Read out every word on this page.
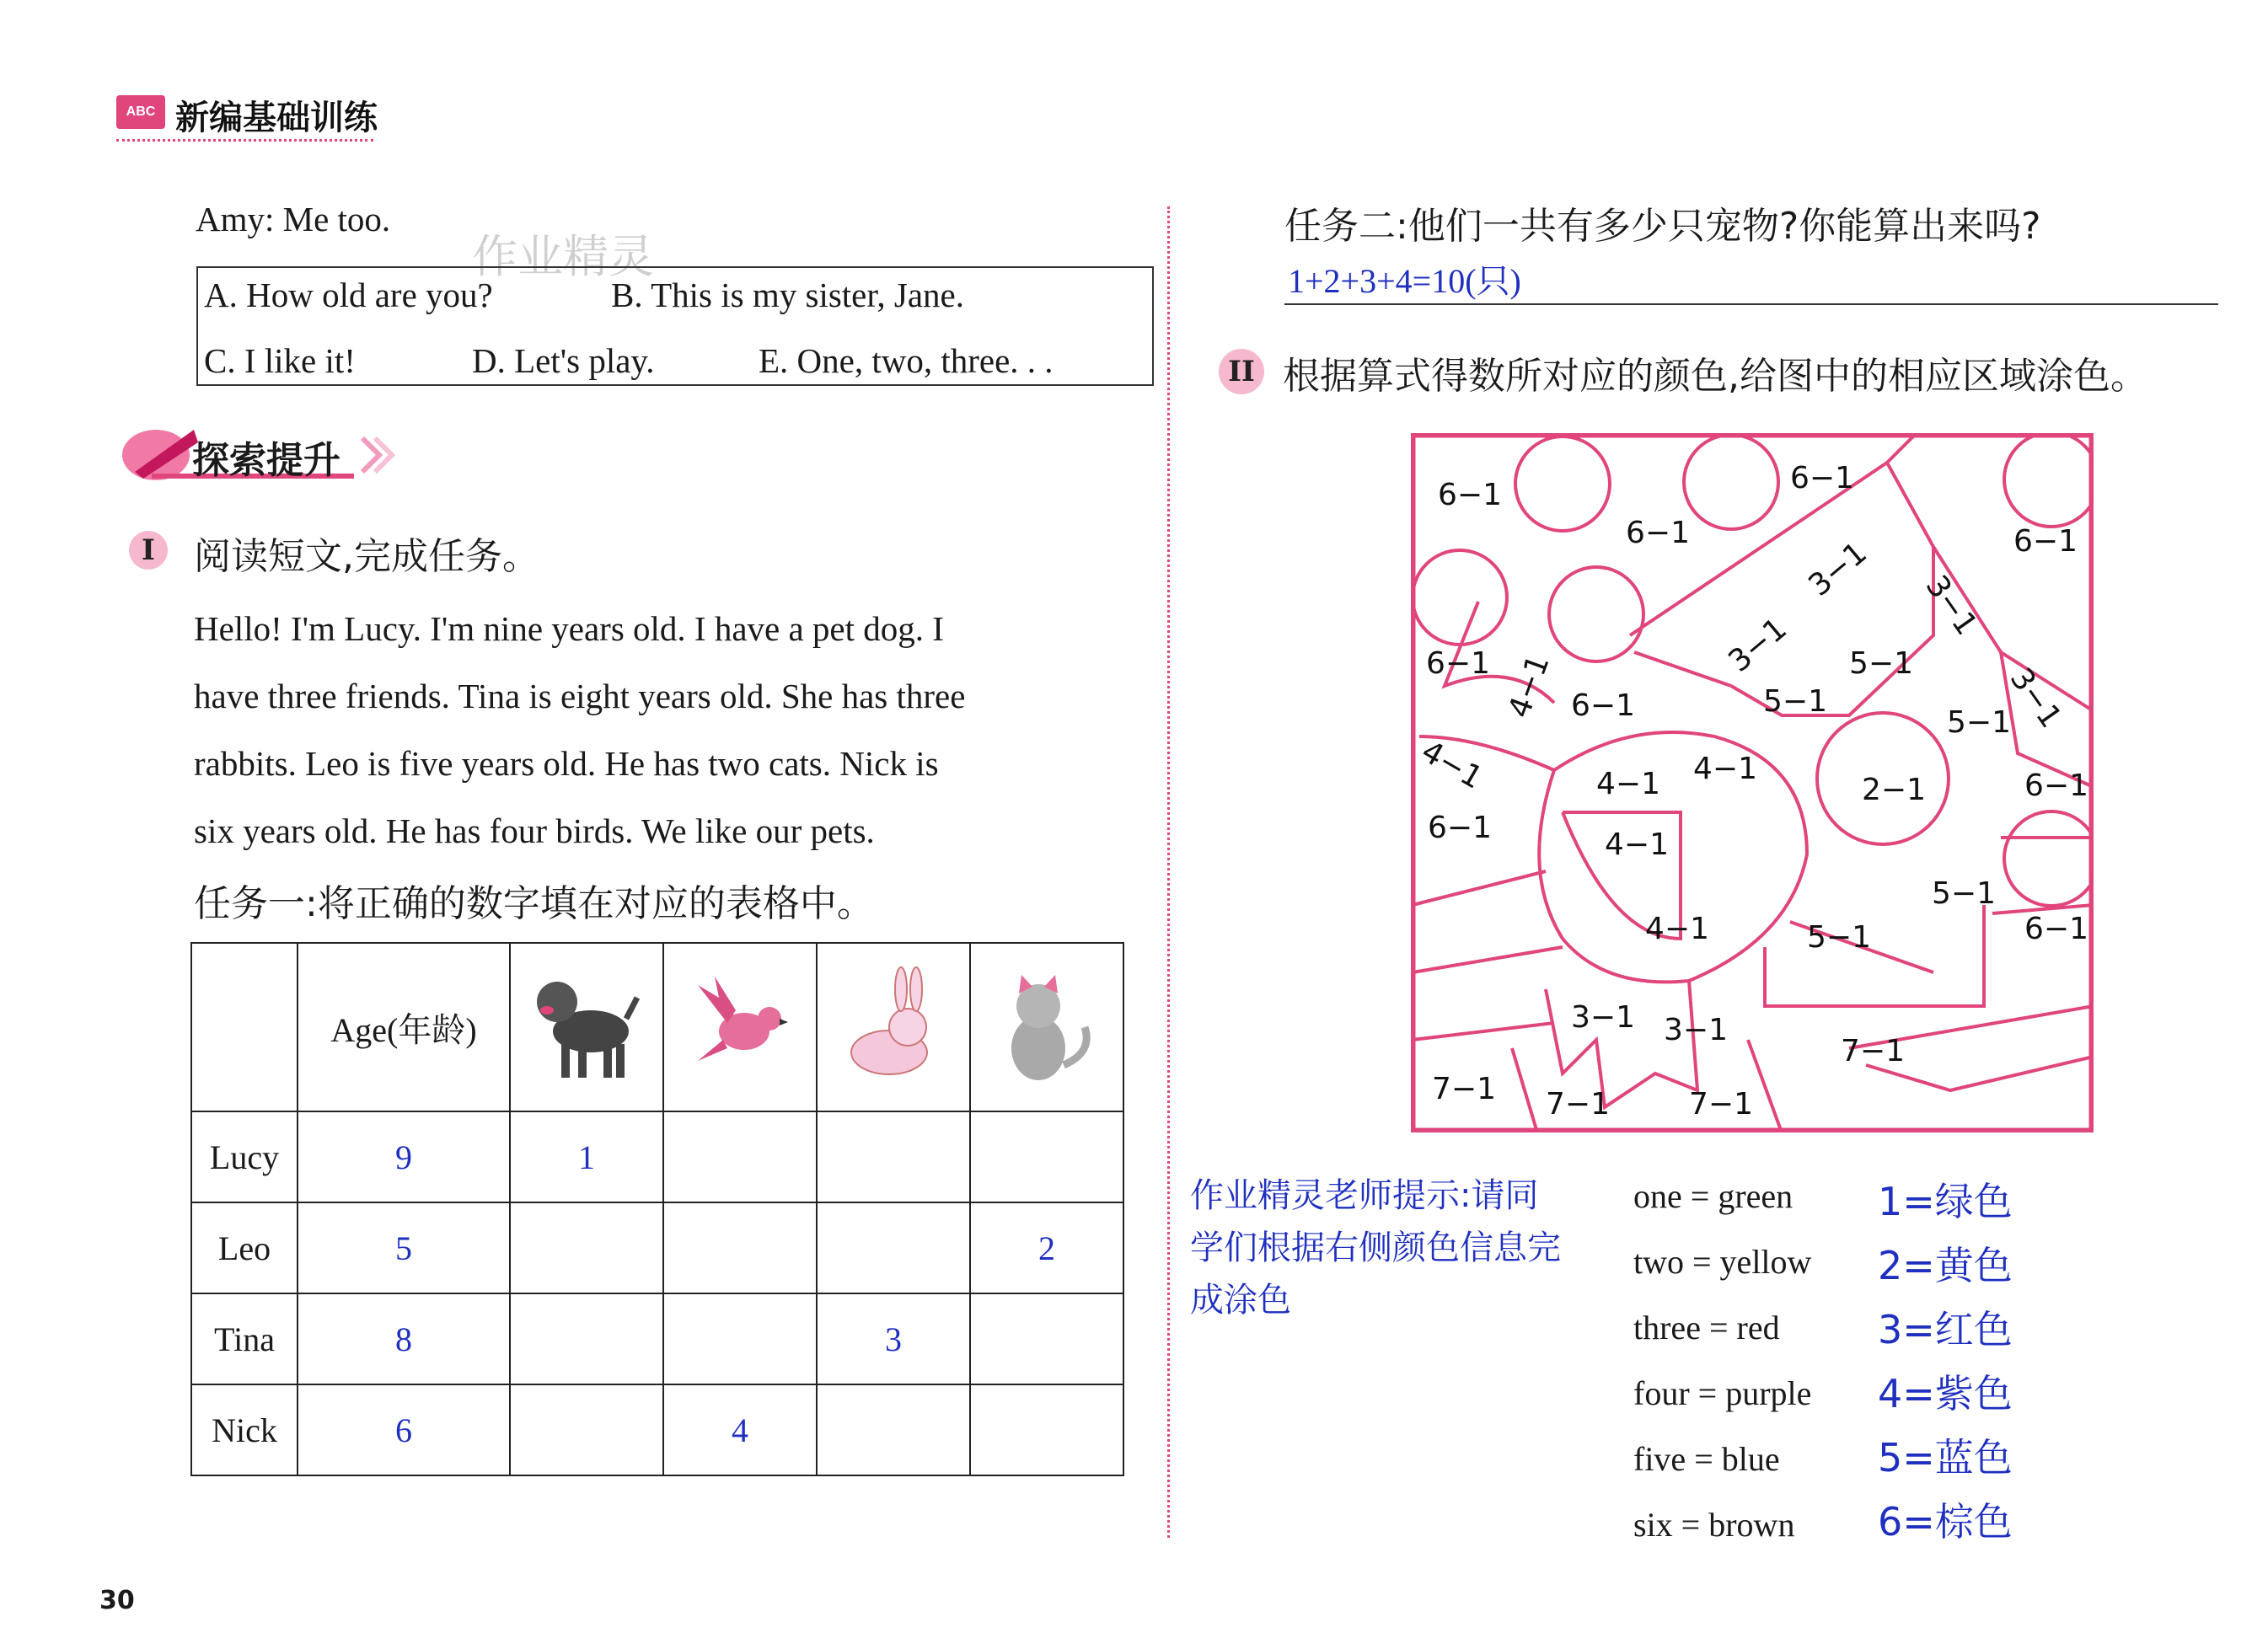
ABC 新编基础训练
Amy: Me too.
作业精灵
A. How old are you?	B. This is my sister, Jane.
C. I like it!	D. Let's play.	E. One, two, three. . .
探索提升
I	阅读短文,完成任务。
Hello! I'm Lucy. I'm nine years old. I have a pet dog. I
have three friends. Tina is eight years old. She has three
rabbits. Leo is five years old. He has two cats. Nick is
six years old. He has four birds. We like our pets.
任务一:将正确的数字填在对应的表格中。
	Age(年龄)				
Lucy	9	1			
Leo	5				2
Tina	8			3	
Nick	6		4		
30
任务二:他们一共有多少只宠物?你能算出来吗?
1+2+3+4=10(只)
II 根据算式得数所对应的颜色,给图中的相应区域涂色。
6−1
6−1
6−1
6−1
6−1
6−1
6−1
6−1
6−1
5−1
5−1
5−1
5−1
5−1
4−1 4−1
4−1
4−1
4−1
4−1
3−1
3−1 3−1
3−1
3−1 3−1
2−1
7−1 7−1	7−1
7−1
作业精灵老师提示:请同
学们根据右侧颜色信息完
成涂色
one = green
two = yellow
three = red
four = purple
five = blue
six = brown
1=绿色
2=黄色
3=红色
4=紫色
5=蓝色
6=棕色
